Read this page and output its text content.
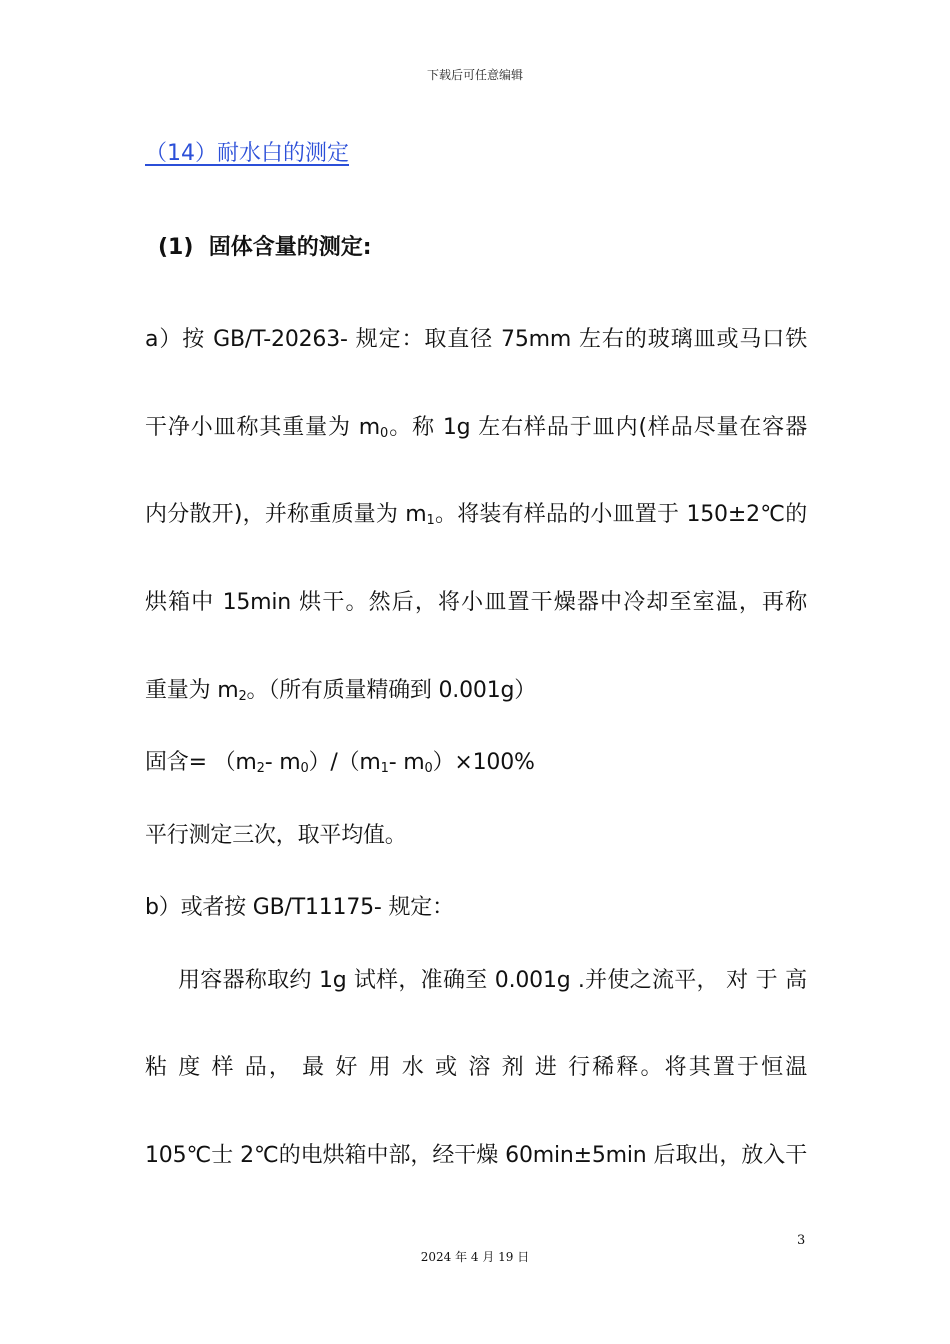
下载后可任意编辑
（14）耐水白的测定
(1)  固体含量的测定:
a）按 GB/T-20263- 规定：取直径 75mm 左右的玻璃皿或马口铁
干净小皿称其重量为 $m_0$。称 1g 左右样品于皿内(样品尽量在容器
内分散开)，并称重质量为 $m_1$。将装有样品的小皿置于 150±2℃的
烘箱中 15min 烘干。然后，将小皿置干燥器中冷却至室温，再称
重量为 $m_2$。（所有质量精确到 0.001g）
固含= （$m_2-$ $m_0)/(m_1-$ $m_0)\times 100\%$
平行测定三次，取平均值。
b）或者按 GB/T11175- 规定：
用容器称取约 1g 试样，准确至 0.001g .并使之流平， 对 于 高
粘 度 样 品， 最 好 用 水 或 溶 剂 进 行稀释。将其置于恒温
105℃士 2℃的电烘箱中部，经干燥 60min±5min 后取出，放入干
3
2024 年 4 月 19 日
